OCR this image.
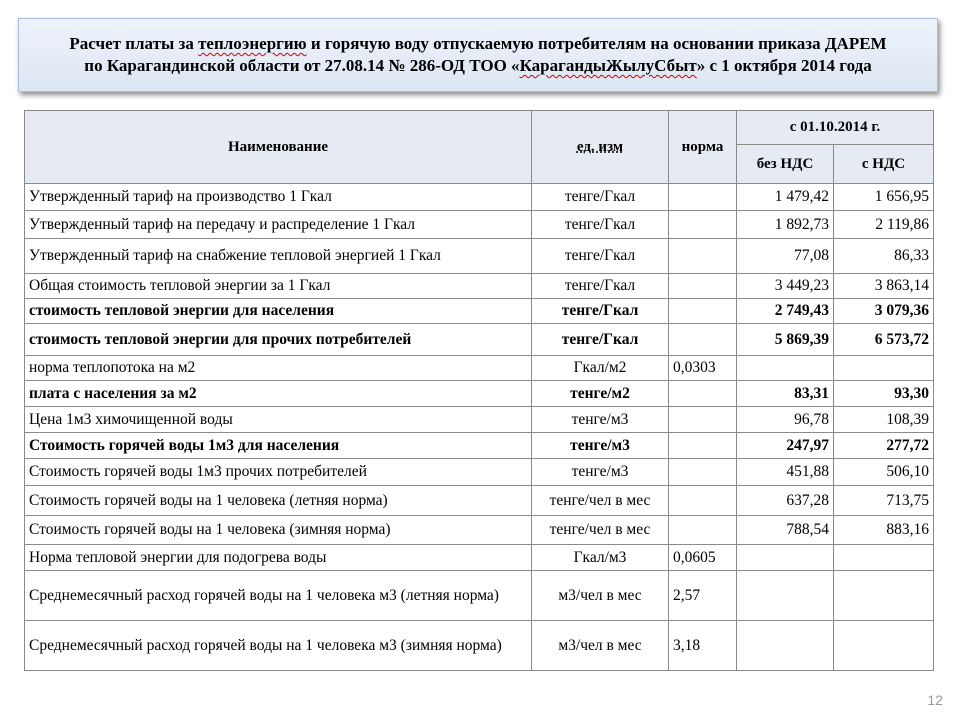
Расчет платы за теплоэнергию и горячую воду отпускаемую потребителям на основании приказа ДАРЕМ
по Карагандинской области от 27.08.14 № 286-ОД ТОО «КарагандыЖылуСбыт» с 1 октября 2014 года
Наименование	ед. изм	норма	с 01.10.2014 г.	
			без НДС	с НДС
Утвержденный тариф на производство 1 Гкал	тенге/Гкал		1 479,42	1 656,95
Утвержденный тариф на передачу и распределение 1 Гкал	тенге/Гкал		1 892,73	2 119,86
Утвержденный тариф на снабжение тепловой энергией 1 Гкал	тенге/Гкал		77,08	86,33
Общая стоимость тепловой энергии за 1 Гкал	тенге/Гкал		3 449,23	3 863,14
стоимость тепловой энергии для населения	тенге/Гкал		2 749,43	3 079,36
стоимость тепловой энергии для прочих потребителей	тенге/Гкал		5 869,39	6 573,72
норма теплопотока на м2	Гкал/м2	0,0303		
плата с населения за м2	тенге/м2		83,31	93,30
Цена 1м3 химочищенной воды	тенге/м3		96,78	108,39
Стоимость горячей воды 1м3 для населения	тенге/м3		247,97	277,72
Стоимость горячей воды 1м3 прочих потребителей	тенге/м3		451,88	506,10
Стоимость горячей воды на 1 человека (летняя норма)	тенге/чел в мес		637,28	713,75
Стоимость горячей воды на 1 человека (зимняя норма)	тенге/чел в мес		788,54	883,16
Норма тепловой энергии для подогрева воды	Гкал/м3	0,0605		
Среднемесячный расход горячей воды на 1 человека м3 (летняя норма)	м3/чел в мес	2,57		
Среднемесячный расход горячей воды на 1 человека м3 (зимняя норма)	м3/чел в мес	3,18		
12
